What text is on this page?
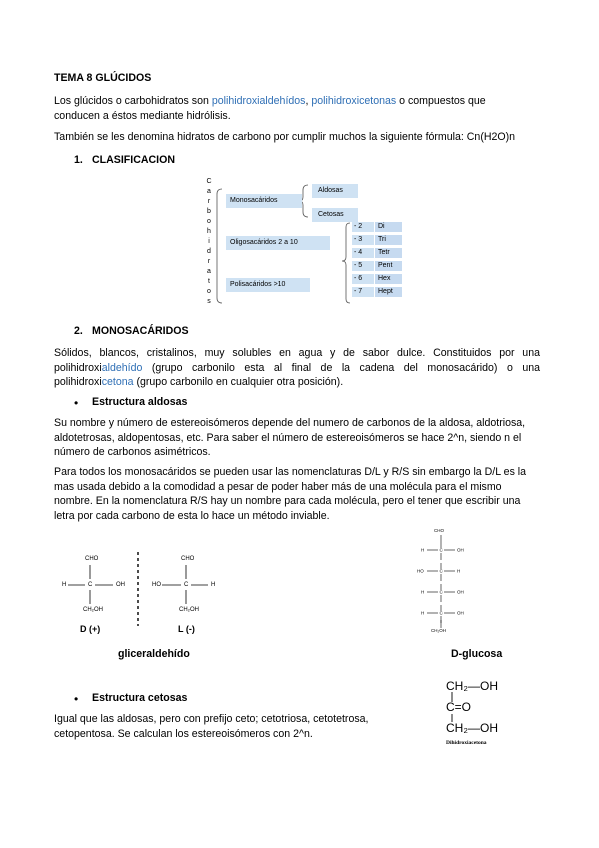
TEMA 8 GLÚCIDOS
Los glúcidos o carbohidratos son polihidroxialdehídos, polihidroxicetonas o compuestos que
conducen a éstos mediante hidrólisis.
También se les denomina hidratos de carbono por cumplir muchos la siguiente fórmula: Cn(H2O)n
1. CLASIFICACION
C
a
r
b
o
h
i
d
r
a
t
o
s
Monosacáridos
Aldosas
Cetosas
Oligosacáridos 2 a 10
Polisacáridos ˃10
- 2	Di
- 3	Tri
- 4	Tetr
- 5	Pent
- 6	Hex
- 7	Hept
2. MONOSACÁRIDOS
Sólidos, blancos, cristalinos, muy solubles en agua y de sabor dulce. Constituidos por una
polihidroxialdehído (grupo carbonilo esta al final de la cadena del monosacárido) o una
polihidroxicetona (grupo carbonilo en cualquier otra posición).
• Estructura aldosas
Su nombre y número de estereoisómeros depende del numero de carbonos de la aldosa, aldotriosa,
aldotetrosas, aldopentosas, etc. Para saber el número de estereoisómeros se hace 2^n, siendo n el
número de carbonos asimétricos.
Para todos los monosacáridos se pueden usar las nomenclaturas D/L y R/S sin embargo la D/L es la
mas usada debido a la comodidad a pesar de poder haber más de una molécula para el mismo
nombre. En la nomenclatura R/S hay un nombre para cada molécula, pero el tener que escribir una
letra por cada carbono de esta lo hace un método inviable.
CHO
H	C	OH
CH₂OH
D (+)
CHO
HO	C	H
CH₂OH
L (-)
gliceraldehído
C
H	OH
C
HO	H
C
H	OH
C
H	OH
CHO
CH₂OH
D-glucosa
• Estructura cetosas
Igual que las aldosas, pero con prefijo ceto; cetotriosa, cetotetrosa,
cetopentosa. Se calculan los estereoisómeros con 2^n.
CH₂—OH
C=O
CH₂—OH
Dihidroxiacetona
